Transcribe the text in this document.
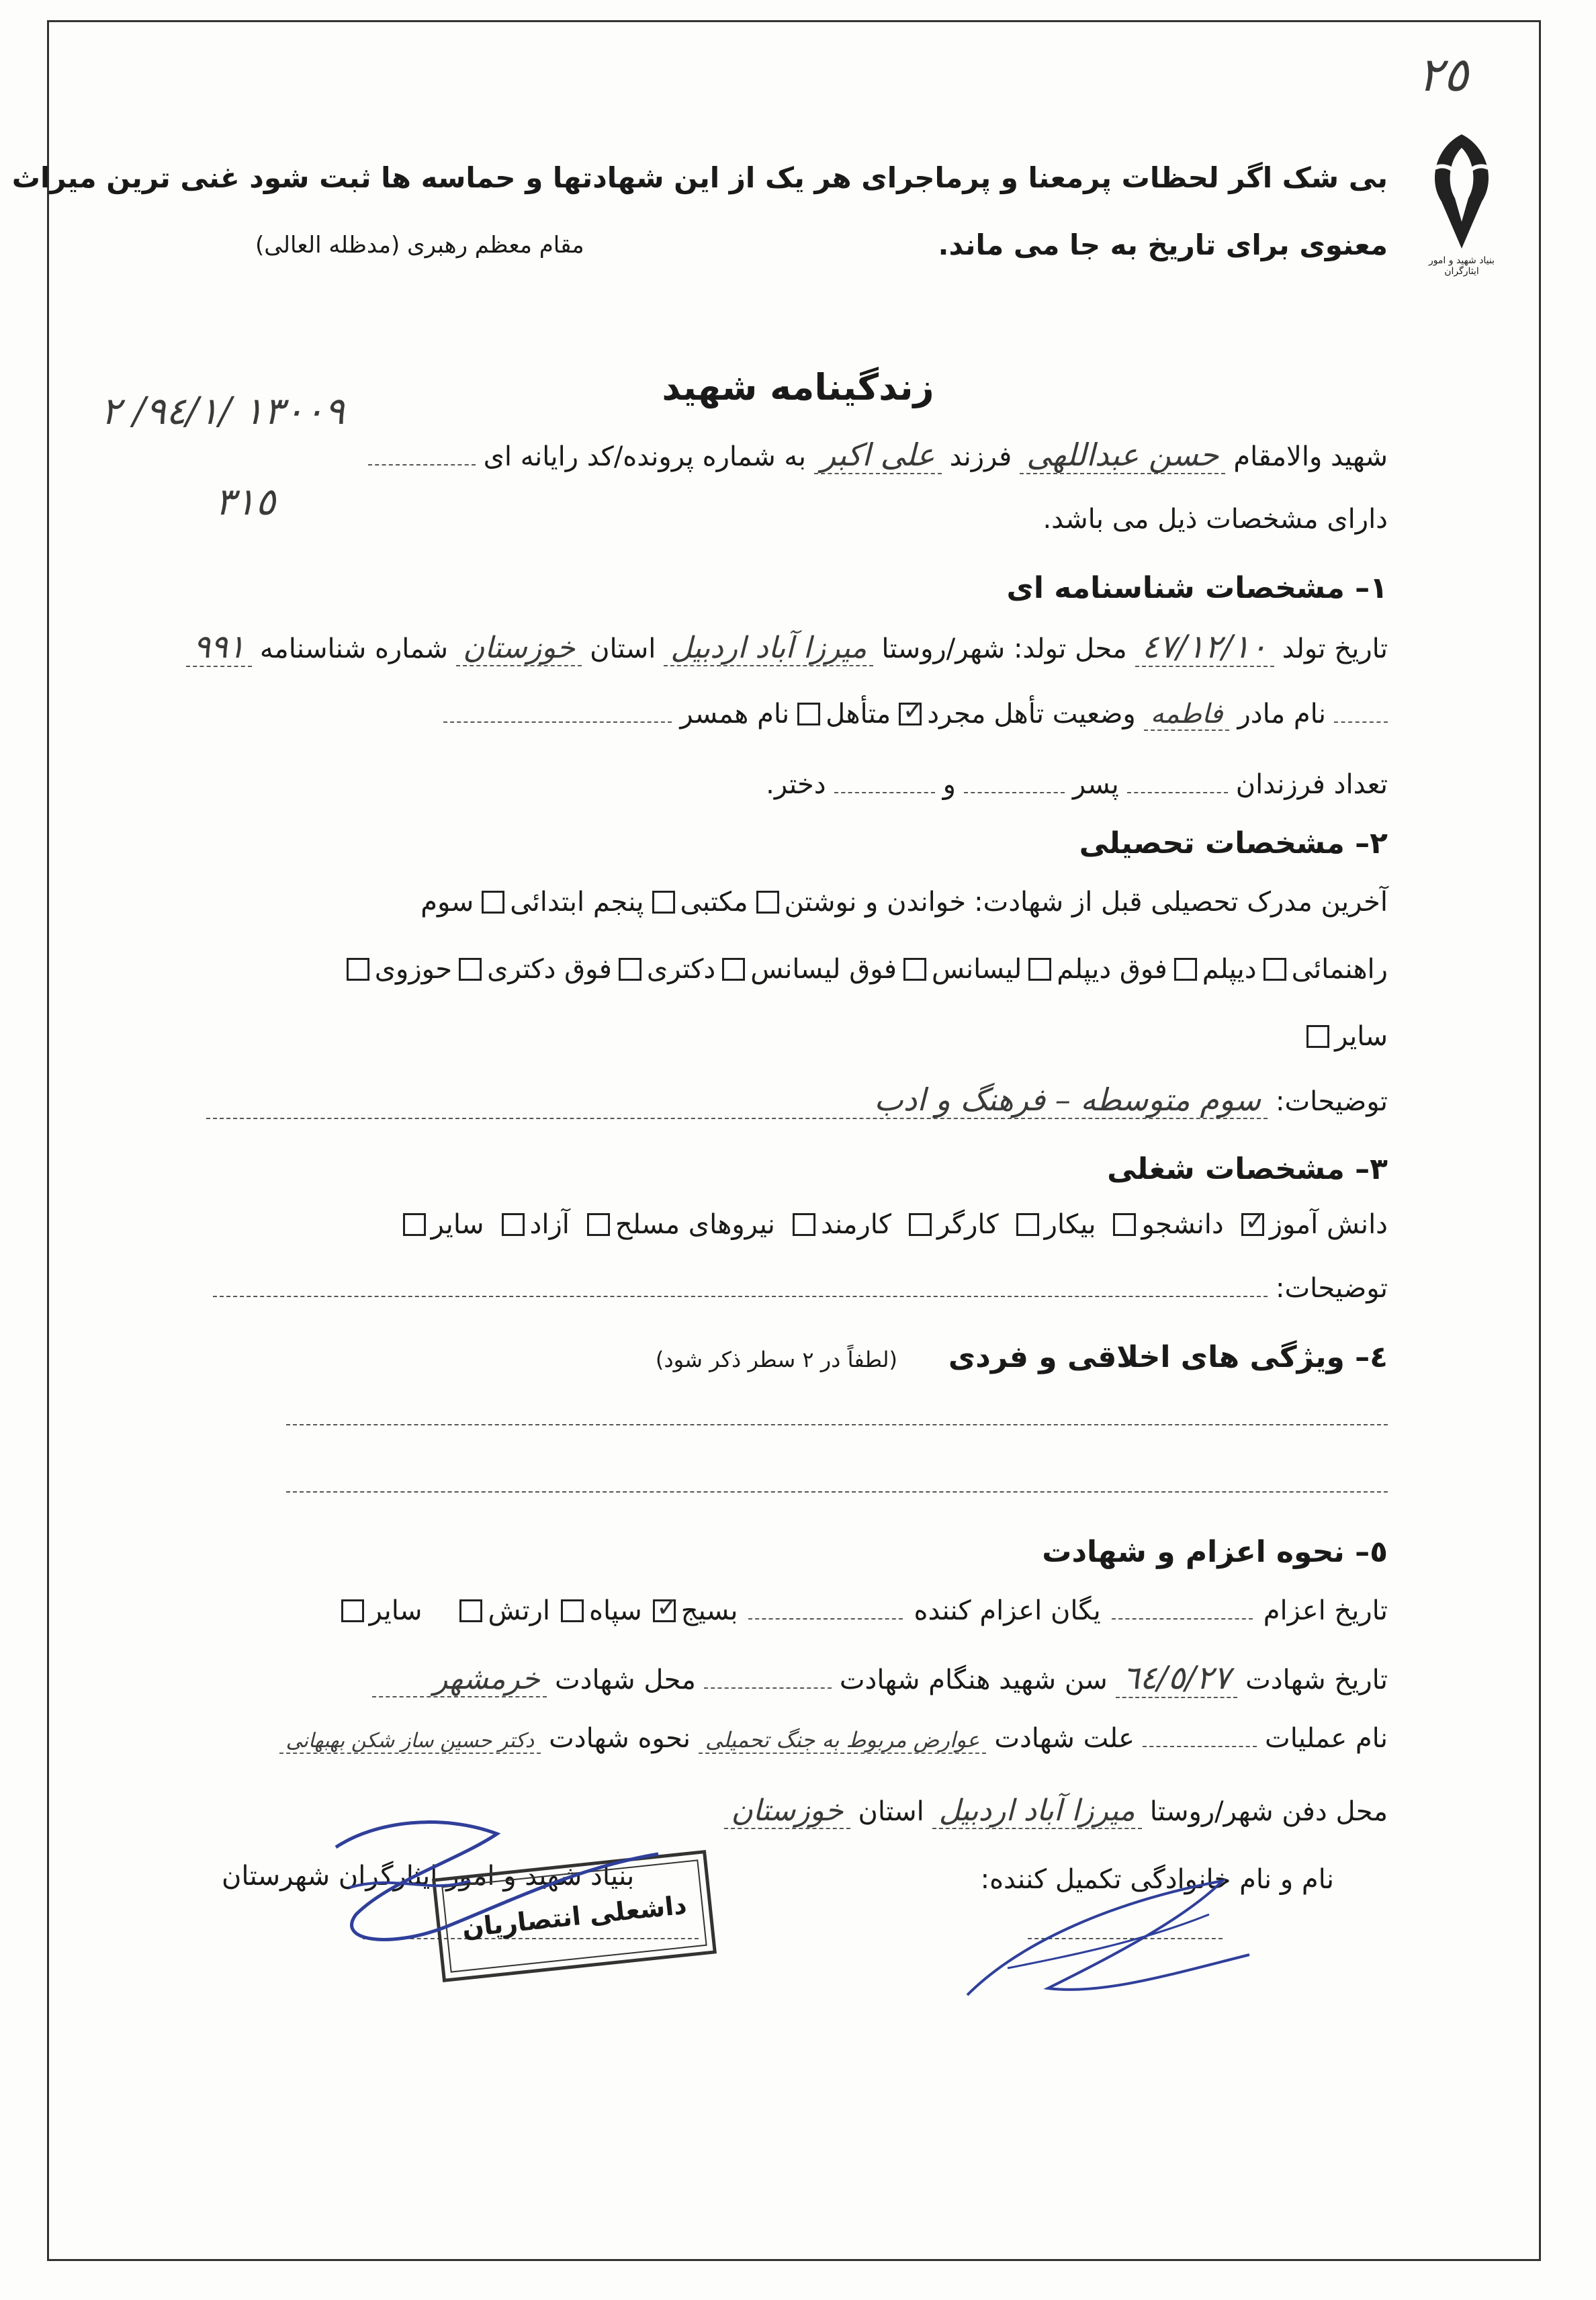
٢٥
بنیاد شهید و امور ایثارگران
بی شک اگر لحظات پرمعنا و پرماجرای هر یک از این شهادتها و حماسه ها ثبت شود غنی ترین میراث
معنوی برای تاریخ به جا می ماند.
مقام معظم رهبری (مدظله العالی)
زندگینامه شهید
١٣٠٠٩ /٩٤/١/ ٢
٣١٥
شهید والامقام
حسن عبداللهی
فرزند
علی اکبر
به شماره پرونده/کد رایانه ای
دارای مشخصات ذیل می باشد.
١– مشخصات شناسنامه ای
تاریخ تولد
٤٧/١٢/١٠
محل تولد: شهر/روستا
میرزا آباد اردبیل
استان
خوزستان
شماره شناسنامه
٩٩١
نام مادر
فاطمه
وضعیت تأهل
مجرد
✓
متأهل
نام همسر
تعداد فرزندان
پسر
و
دختر.
٢– مشخصات تحصیلی
آخرین مدرک تحصیلی قبل از شهادت:
خواندن و نوشتن
مکتبی
پنجم ابتدائی
سوم
راهنمائی
دیپلم
فوق دیپلم
لیسانس
فوق لیسانس
دکتری
فوق دکتری
حوزوی
سایر
توضیحات:
سوم متوسطه – فرهنگ و ادب
٣– مشخصات شغلی
دانش آموز
✓
دانشجو
بیکار
کارگر
کارمند
نیروهای مسلح
آزاد
سایر
توضیحات:
٤– ویژگی های اخلاقی و فردی
(لطفاً در ٢ سطر ذکر شود)
٥– نحوه اعزام و شهادت
تاریخ اعزام
یگان اعزام کننده
بسیج
✓
سپاه
ارتش
سایر
تاریخ شهادت
٦٤/٥/٢٧
سن شهید هنگام شهادت
محل شهادت
خرمشهر
نام عملیات
علت شهادت
عوارض مربوط به جنگ تحمیلی
نحوه شهادت
دکتر حسین ساز شکن بهبهانی
محل دفن شهر/روستا
میرزا آباد اردبیل
استان
خوزستان
نام و نام خانوادگی تکمیل کننده:
بنیاد شهید و امور ایثارگران شهرستان
داشعلی انتصاریان
